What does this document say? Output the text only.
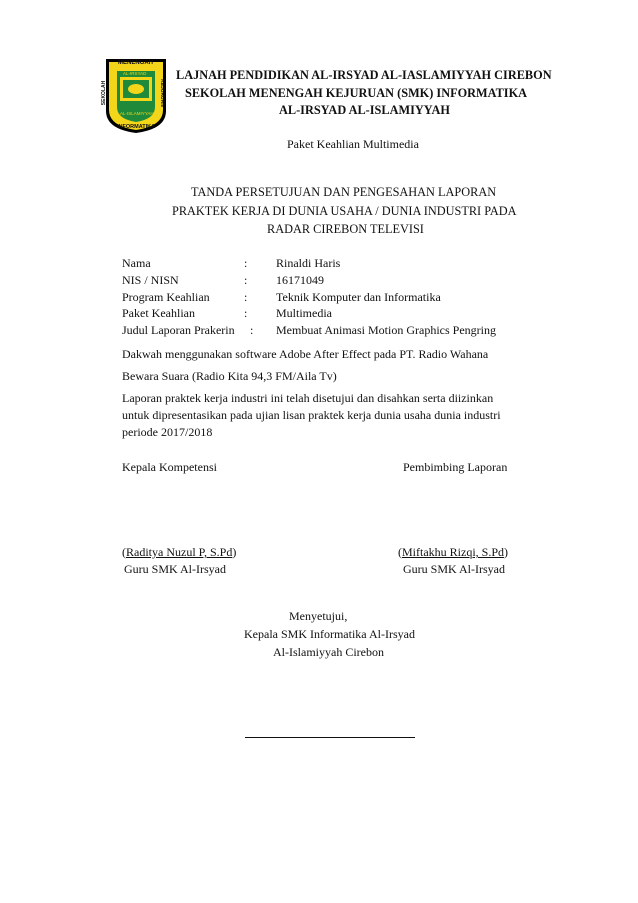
MENENGAH
AL-IRSYAD
AL-ISLAMIYYAH
SEKOLAH	KEJURUAN
INFORMATIKA
LAJNAH PENDIDIKAN AL-IRSYAD AL-IASLAMIYYAH CIREBON
SEKOLAH MENENGAH KEJURUAN (SMK) INFORMATIKA
AL-IRSYAD AL-ISLAMIYYAH
Paket Keahlian Multimedia
TANDA PERSETUJUAN DAN PENGESAHAN LAPORAN
PRAKTEK KERJA DI DUNIA USAHA / DUNIA INDUSTRI PADA
RADAR CIREBON TELEVISI
Nama	: Rinaldi Haris
NIS / NISN	: 16171049
Program Keahlian	: Teknik Komputer dan Informatika
Paket Keahlian	: Multimedia
Judul Laporan Prakerin : Membuat Animasi Motion Graphics Pengring
Dakwah menggunakan software Adobe After Effect pada PT. Radio Wahana
Bewara Suara (Radio Kita 94,3 FM/Aila Tv)
Laporan praktek kerja industri ini telah disetujui dan disahkan serta diizinkan
untuk dipresentasikan pada ujian lisan praktek kerja dunia usaha dunia industri
periode 2017/2018
Kepala Kompetensi	Pembimbing Laporan
(Raditya Nuzul P, S.Pd)	(Miftakhu Rizqi, S.Pd)
Guru SMK Al-Irsyad	Guru SMK Al-Irsyad
Menyetujui,
Kepala SMK Informatika Al-Irsyad
Al-Islamiyyah Cirebon
